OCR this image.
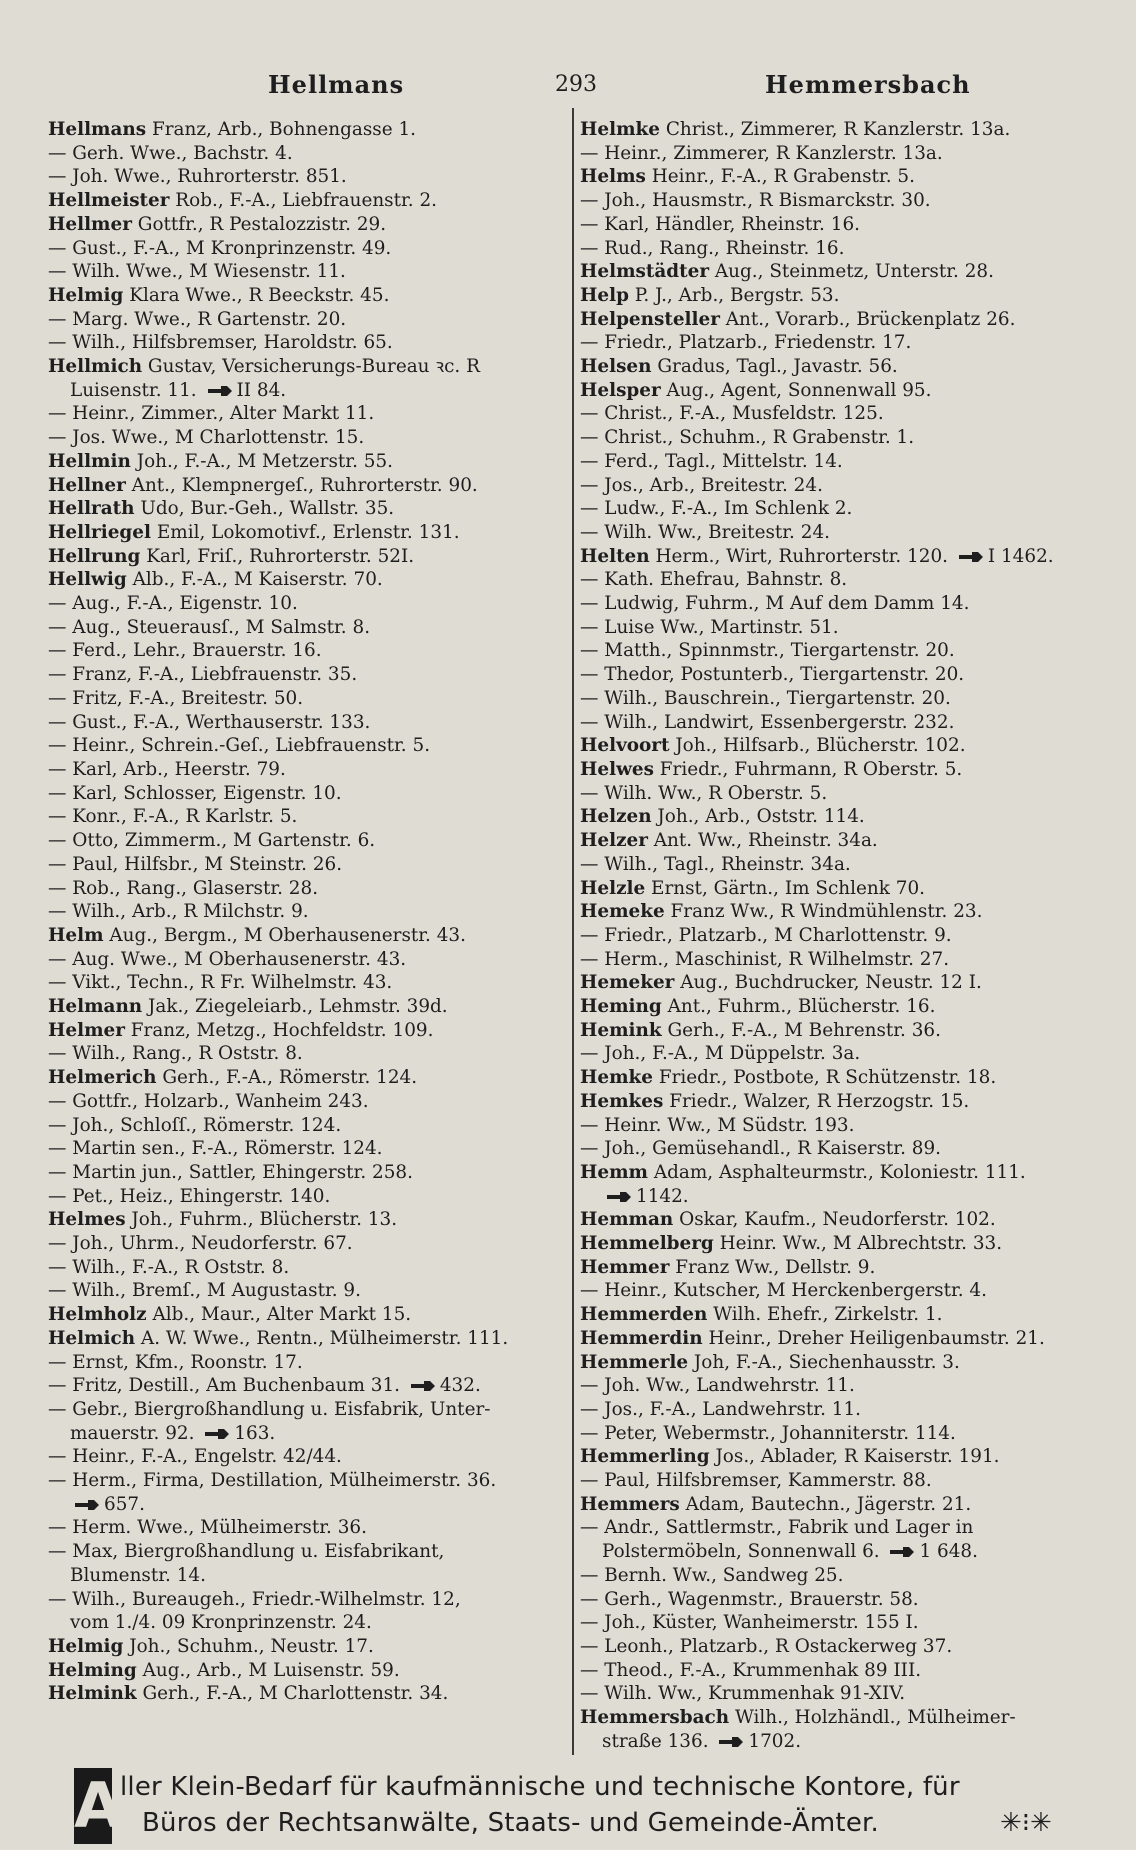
Hellmans	293	Hemmersbach
Hellmans Franz, Arb., Bohnengasse 1.
— Gerh. Wwe., Bachstr. 4.
— Joh. Wwe., Ruhrorterstr. 851.
Hellmeister Rob., F.-A., Liebfrauenstr. 2.
Hellmer Gottfr., R Pestalozzistr. 29.
— Gust., F.-A., M Kronprinzenstr. 49.
— Wilh. Wwe., M Wiesenstr. 11.
Helmig Klara Wwe., R Beeckstr. 45.
— Marg. Wwe., R Gartenstr. 20.
— Wilh., Hilfsbremser, Haroldstr. 65.
Hellmich Gustav, Versicherungs-Bureau ꝛc. R
Luisenstr. 11. II 84.
— Heinr., Zimmer., Alter Markt 11.
— Jos. Wwe., M Charlottenstr. 15.
Hellmin Joh., F.-A., M Metzerstr. 55.
Hellner Ant., Klempnergeſ., Ruhrorterstr. 90.
Hellrath Udo, Bur.-Geh., Wallstr. 35.
Hellriegel Emil, Lokomotivf., Erlenstr. 131.
Hellrung Karl, Friſ., Ruhrorterstr. 52I.
Hellwig Alb., F.-A., M Kaiserstr. 70.
— Aug., F.-A., Eigenstr. 10.
— Aug., Steuerausſ., M Salmstr. 8.
— Ferd., Lehr., Brauerstr. 16.
— Franz, F.-A., Liebfrauenstr. 35.
— Fritz, F.-A., Breitestr. 50.
— Gust., F.-A., Werthauserstr. 133.
— Heinr., Schrein.-Geſ., Liebfrauenstr. 5.
— Karl, Arb., Heerstr. 79.
— Karl, Schlosser, Eigenstr. 10.
— Konr., F.-A., R Karlstr. 5.
— Otto, Zimmerm., M Gartenstr. 6.
— Paul, Hilfsbr., M Steinstr. 26.
— Rob., Rang., Glaserstr. 28.
— Wilh., Arb., R Milchstr. 9.
Helm Aug., Bergm., M Oberhausenerstr. 43.
— Aug. Wwe., M Oberhausenerstr. 43.
— Vikt., Techn., R Fr. Wilhelmstr. 43.
Helmann Jak., Ziegeleiarb., Lehmstr. 39d.
Helmer Franz, Metzg., Hochfeldstr. 109.
— Wilh., Rang., R Oststr. 8.
Helmerich Gerh., F.-A., Römerstr. 124.
— Gottfr., Holzarb., Wanheim 243.
— Joh., Schloſſ., Römerstr. 124.
— Martin sen., F.-A., Römerstr. 124.
— Martin jun., Sattler, Ehingerstr. 258.
— Pet., Heiz., Ehingerstr. 140.
Helmes Joh., Fuhrm., Blücherstr. 13.
— Joh., Uhrm., Neudorferstr. 67.
— Wilh., F.-A., R Oststr. 8.
— Wilh., Bremſ., M Augustastr. 9.
Helmholz Alb., Maur., Alter Markt 15.
Helmich A. W. Wwe., Rentn., Mülheimerstr. 111.
— Ernst, Kfm., Roonstr. 17.
— Fritz, Destill., Am Buchenbaum 31. 432.
— Gebr., Biergroßhandlung u. Eisfabrik, Unter-
mauerstr. 92. 163.
— Heinr., F.-A., Engelstr. 42/44.
— Herm., Firma, Destillation, Mülheimerstr. 36.
657.
— Herm. Wwe., Mülheimerstr. 36.
— Max, Biergroßhandlung u. Eisfabrikant,
Blumenstr. 14.
— Wilh., Bureaugeh., Friedr.-Wilhelmstr. 12,
vom 1./4. 09 Kronprinzenstr. 24.
Helmig Joh., Schuhm., Neustr. 17.
Helming Aug., Arb., M Luisenstr. 59.
Helmink Gerh., F.-A., M Charlottenstr. 34.
Helmke Christ., Zimmerer, R Kanzlerstr. 13a.
— Heinr., Zimmerer, R Kanzlerstr. 13a.
Helms Heinr., F.-A., R Grabenstr. 5.
— Joh., Hausmstr., R Bismarckstr. 30.
— Karl, Händler, Rheinstr. 16.
— Rud., Rang., Rheinstr. 16.
Helmstädter Aug., Steinmetz, Unterstr. 28.
Help P. J., Arb., Bergstr. 53.
Helpensteller Ant., Vorarb., Brückenplatz 26.
— Friedr., Platzarb., Friedenstr. 17.
Helsen Gradus, Tagl., Javastr. 56.
Helsper Aug., Agent, Sonnenwall 95.
— Christ., F.-A., Musfeldstr. 125.
— Christ., Schuhm., R Grabenstr. 1.
— Ferd., Tagl., Mittelstr. 14.
— Jos., Arb., Breitestr. 24.
— Ludw., F.-A., Im Schlenk 2.
— Wilh. Ww., Breitestr. 24.
Helten Herm., Wirt, Ruhrorterstr. 120. I 1462.
— Kath. Ehefrau, Bahnstr. 8.
— Ludwig, Fuhrm., M Auf dem Damm 14.
— Luise Ww., Martinstr. 51.
— Matth., Spinnmstr., Tiergartenstr. 20.
— Thedor, Postunterb., Tiergartenstr. 20.
— Wilh., Bauschrein., Tiergartenstr. 20.
— Wilh., Landwirt, Essenbergerstr. 232.
Helvoort Joh., Hilfsarb., Blücherstr. 102.
Helwes Friedr., Fuhrmann, R Oberstr. 5.
— Wilh. Ww., R Oberstr. 5.
Helzen Joh., Arb., Oststr. 114.
Helzer Ant. Ww., Rheinstr. 34a.
— Wilh., Tagl., Rheinstr. 34a.
Helzle Ernst, Gärtn., Im Schlenk 70.
Hemeke Franz Ww., R Windmühlenstr. 23.
— Friedr., Platzarb., M Charlottenstr. 9.
— Herm., Maschinist, R Wilhelmstr. 27.
Hemeker Aug., Buchdrucker, Neustr. 12 I.
Heming Ant., Fuhrm., Blücherstr. 16.
Hemink Gerh., F.-A., M Behrenstr. 36.
— Joh., F.-A., M Düppelstr. 3a.
Hemke Friedr., Postbote, R Schützenstr. 18.
Hemkes Friedr., Walzer, R Herzogstr. 15.
— Heinr. Ww., M Südstr. 193.
— Joh., Gemüsehandl., R Kaiserstr. 89.
Hemm Adam, Asphalteurmstr., Koloniestr. 111.
1142.
Hemman Oskar, Kaufm., Neudorferstr. 102.
Hemmelberg Heinr. Ww., M Albrechtstr. 33.
Hemmer Franz Ww., Dellstr. 9.
— Heinr., Kutscher, M Herckenbergerstr. 4.
Hemmerden Wilh. Ehefr., Zirkelstr. 1.
Hemmerdin Heinr., Dreher Heiligenbaumstr. 21.
Hemmerle Joh, F.-A., Siechenhausstr. 3.
— Joh. Ww., Landwehrstr. 11.
— Jos., F.-A., Landwehrstr. 11.
— Peter, Webermstr., Johanniterstr. 114.
Hemmerling Jos., Ablader, R Kaiserstr. 191.
— Paul, Hilfsbremser, Kammerstr. 88.
Hemmers Adam, Bautechn., Jägerstr. 21.
— Andr., Sattlermstr., Fabrik und Lager in
Polstermöbeln, Sonnenwall 6. 1 648.
— Bernh. Ww., Sandweg 25.
— Gerh., Wagenmstr., Brauerstr. 58.
— Joh., Küster, Wanheimerstr. 155 I.
— Leonh., Platzarb., R Ostackerweg 37.
— Theod., F.-A., Krummenhak 89 III.
— Wilh. Ww., Krummenhak 91-XIV.
Hemmersbach Wilh., Holzhändl., Mülheimer-
straße 136. 1702.
A
ller Klein-Bedarf für kaufmännische und technische Kontore, für
Büros der Rechtsanwälte, Staats- und Gemeinde-Ämter.	✳⁝✳
